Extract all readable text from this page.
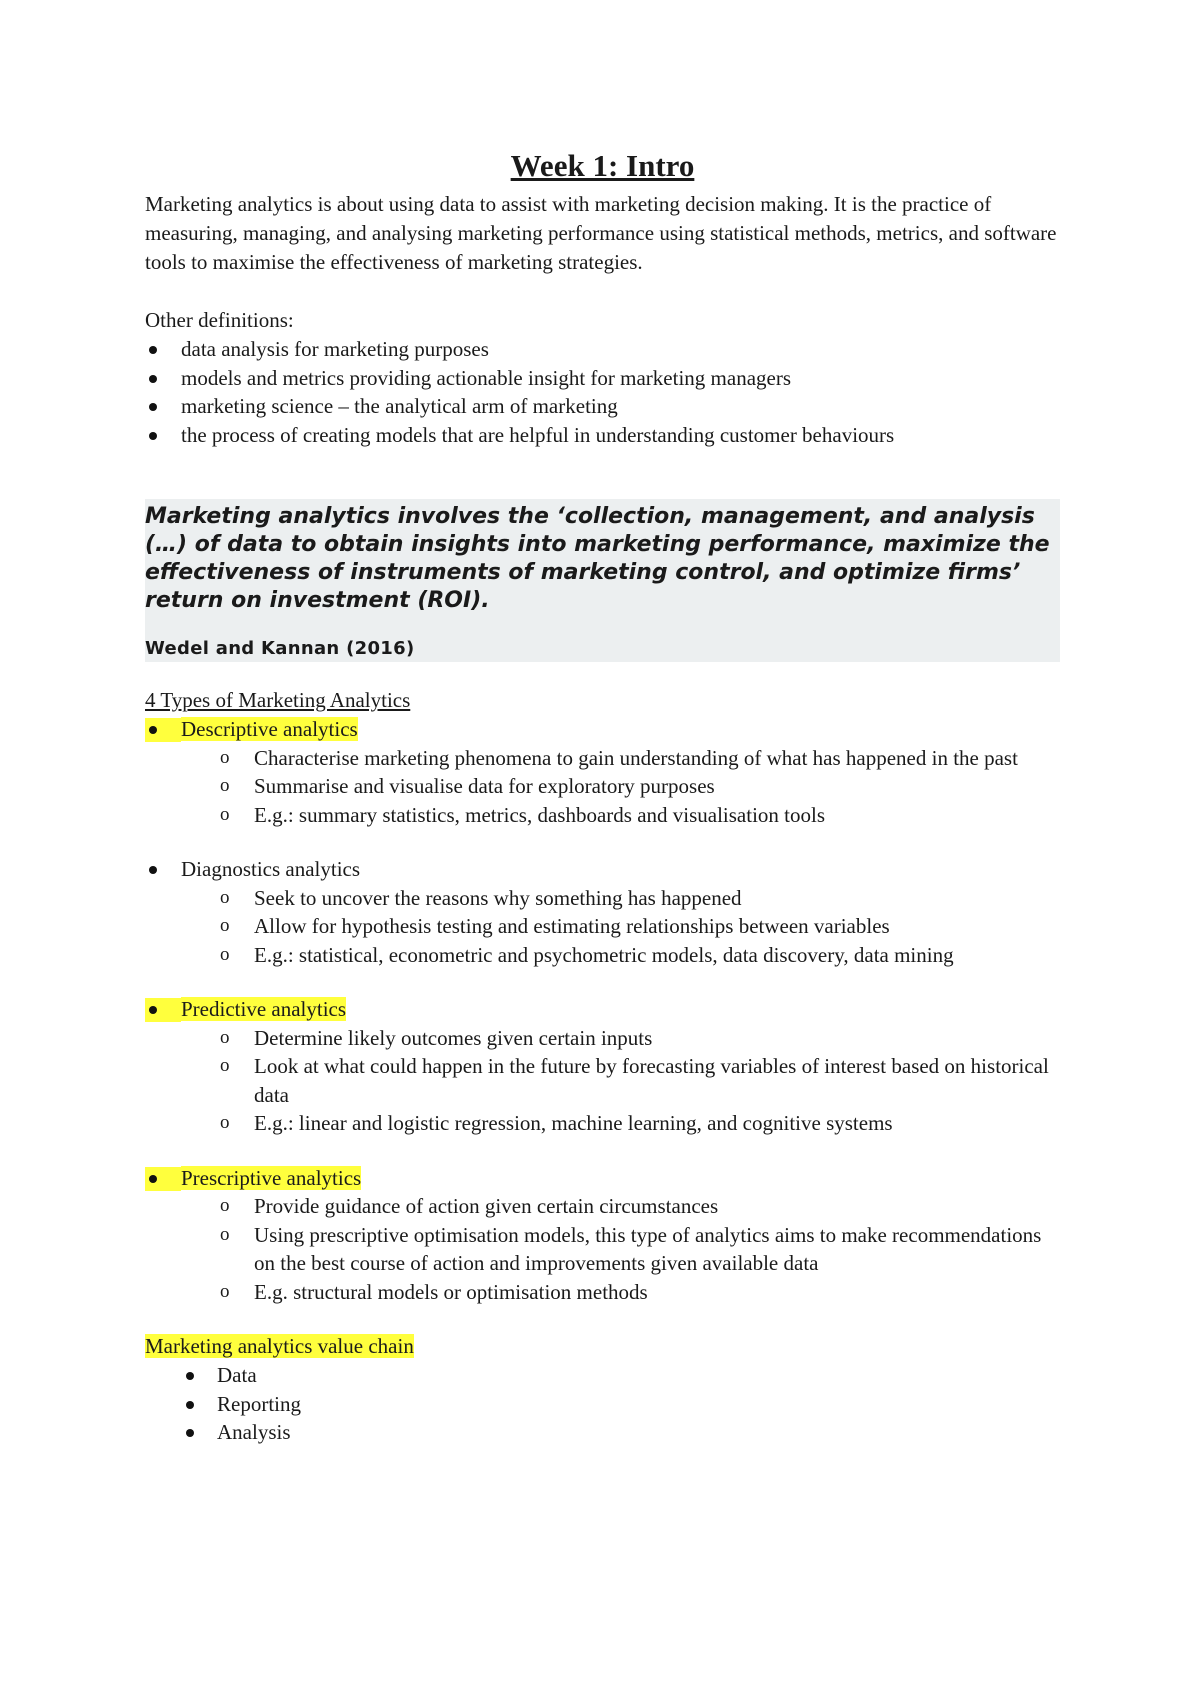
Week 1: Intro

Marketing analytics is about using data to assist with marketing decision making. It is the practice of measuring, managing, and analysing marketing performance using statistical methods, metrics, and software tools to maximise the effectiveness of marketing strategies.

Other definitions:

data analysis for marketing purposes
models and metrics providing actionable insight for marketing managers
marketing science – the analytical arm of marketing
the process of creating models that are helpful in understanding customer behaviours

Marketing analytics involves the ‘collection, management, and analysis (…) of data to obtain insights into marketing performance, maximize the effectiveness of instruments of marketing control, and optimize firms’ return on investment (ROI).

Wedel and Kannan (2016)

4 Types of Marketing Analytics

Descriptive analytics
o Characterise marketing phenomena to gain understanding of what has happened in the past
o Summarise and visualise data for exploratory purposes
o E.g.: summary statistics, metrics, dashboards and visualisation tools
Diagnostics analytics
o Seek to uncover the reasons why something has happened
o Allow for hypothesis testing and estimating relationships between variables
o E.g.: statistical, econometric and psychometric models, data discovery, data mining
Predictive analytics
o Determine likely outcomes given certain inputs
o Look at what could happen in the future by forecasting variables of interest based on historical data
o E.g.: linear and logistic regression, machine learning, and cognitive systems
Prescriptive analytics
o Provide guidance of action given certain circumstances
o Using prescriptive optimisation models, this type of analytics aims to make recommendations on the best course of action and improvements given available data
o E.g. structural models or optimisation methods

Marketing analytics value chain

Data
Reporting
Analysis
